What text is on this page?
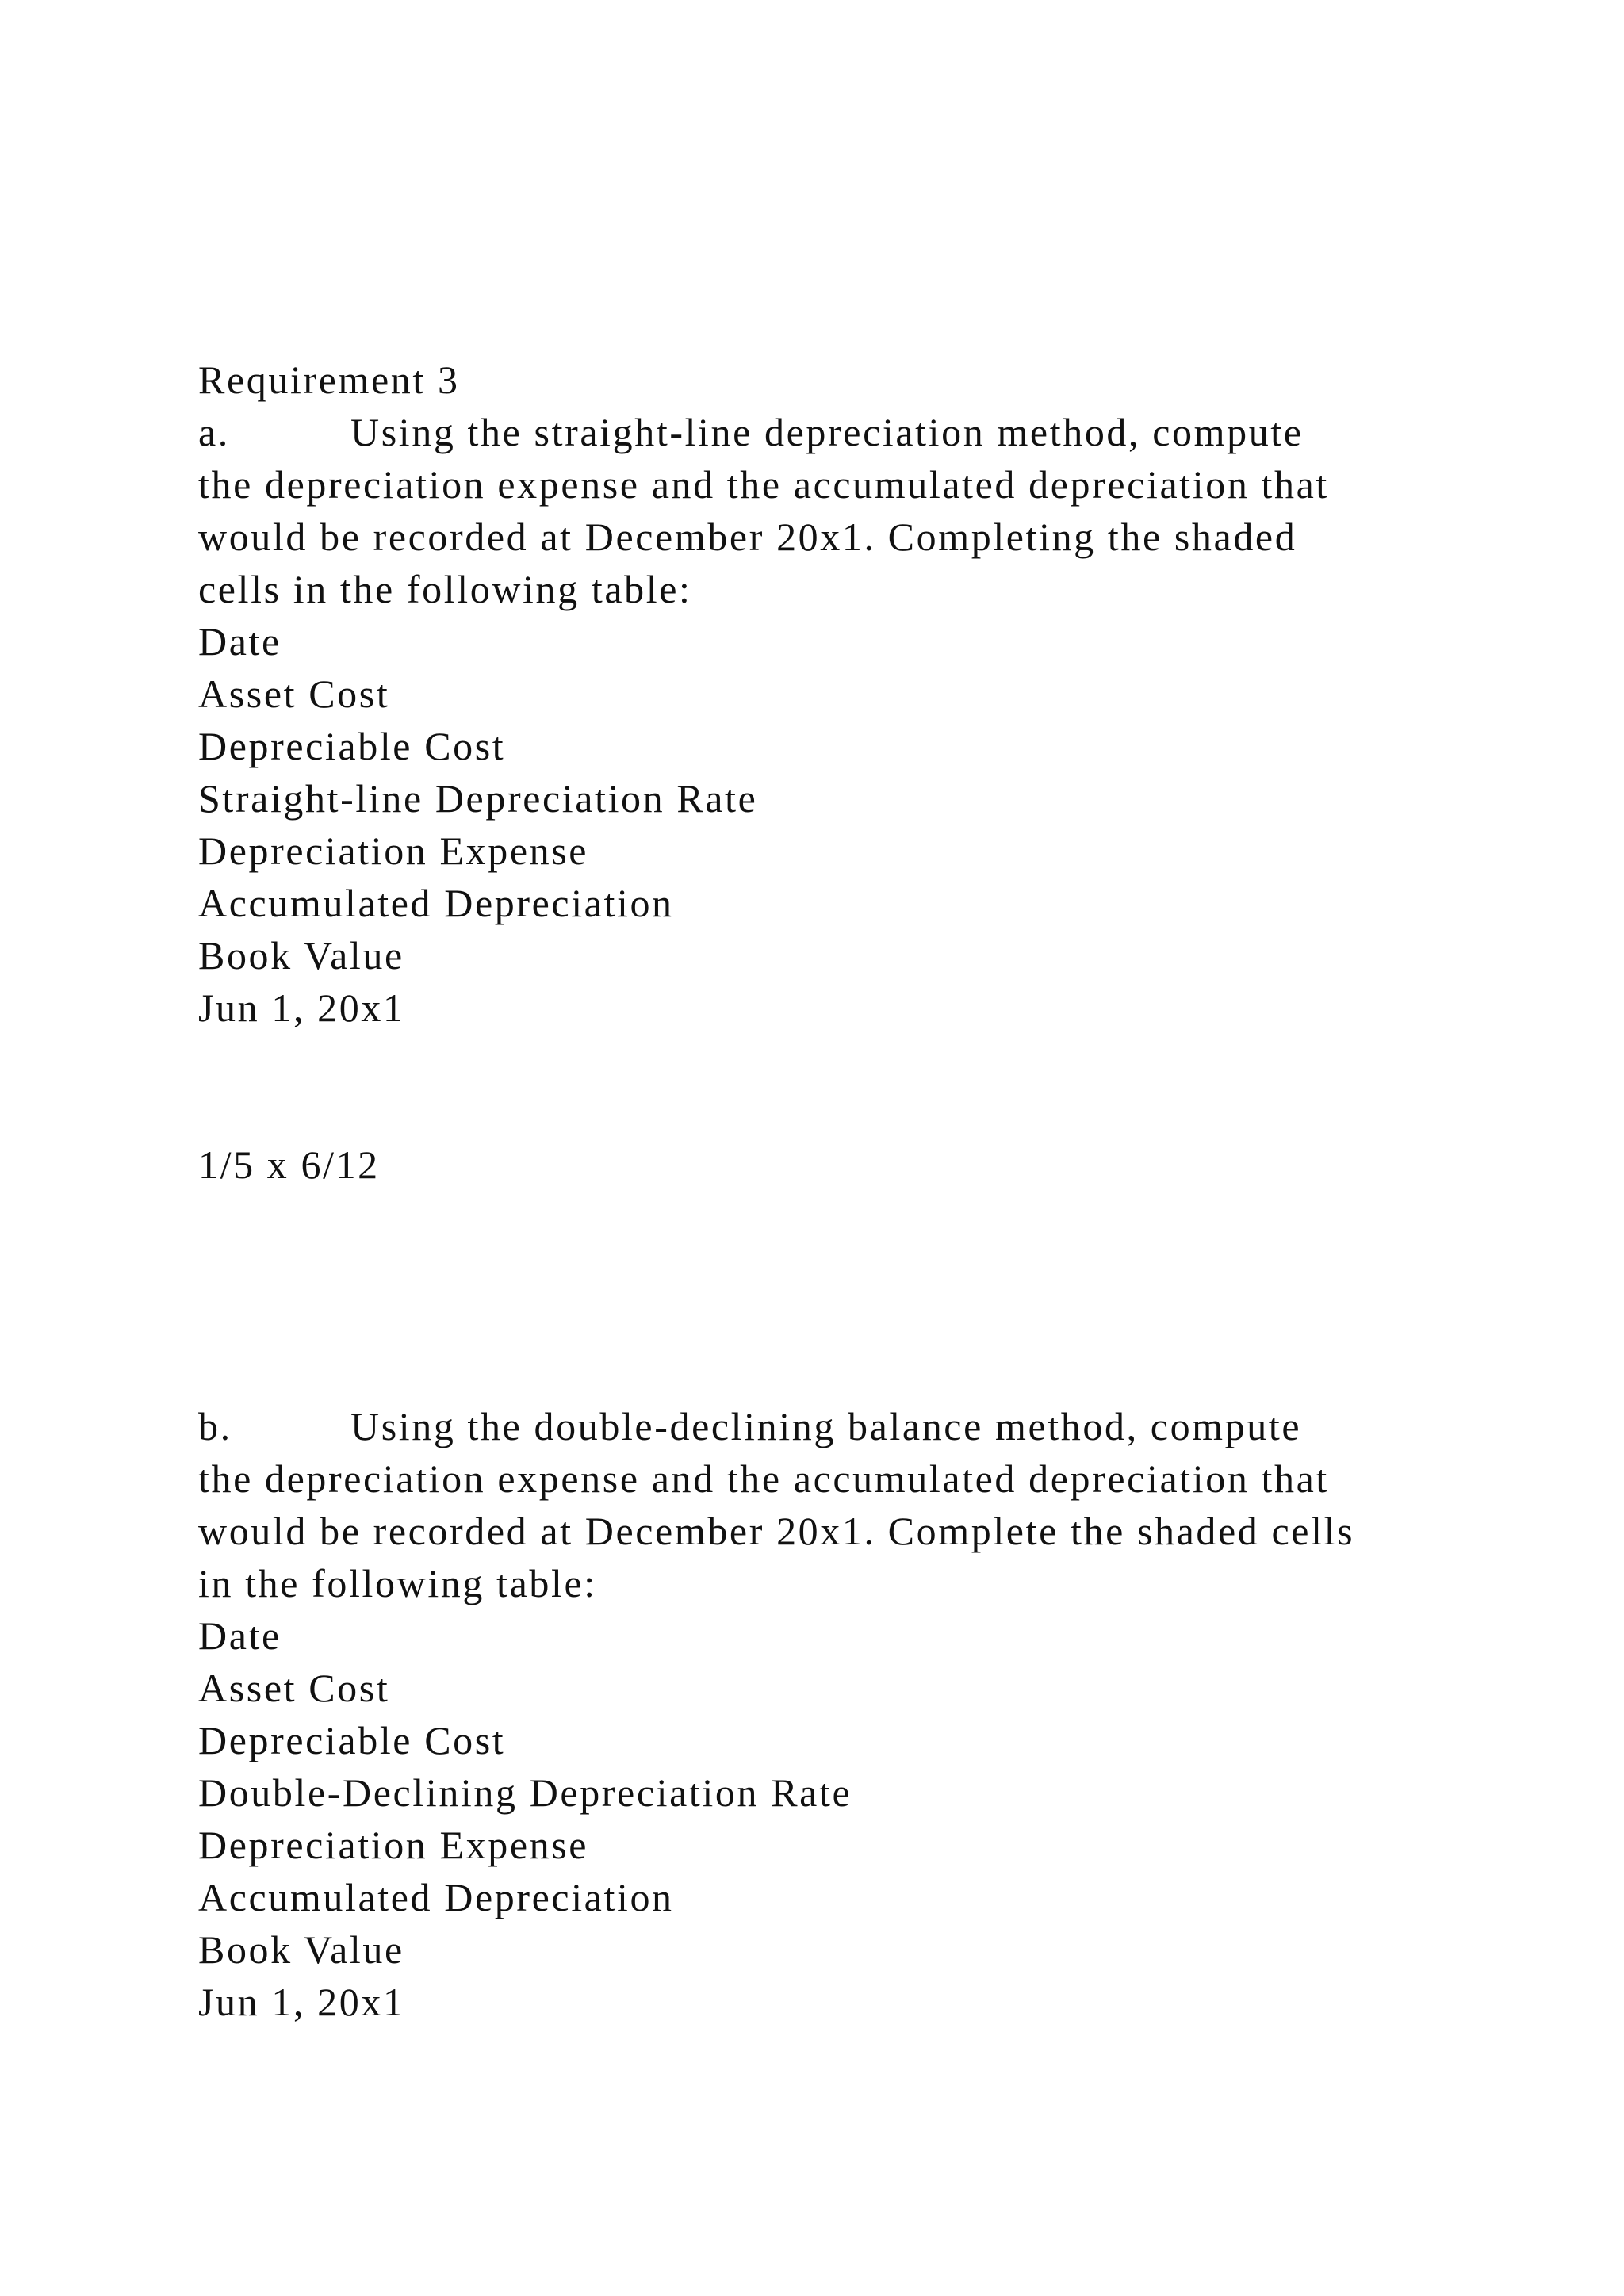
Requirement 3
a.	Using the straight-line depreciation method, compute
the depreciation expense and the accumulated depreciation that
would be recorded at December 20x1. Completing the shaded
cells in the following table:
Date
Asset Cost
Depreciable Cost
Straight-line Depreciation Rate
Depreciation Expense
Accumulated Depreciation
Book Value
Jun 1, 20x1
1/5 x 6/12
b.	Using the double-declining balance method, compute
the depreciation expense and the accumulated depreciation that
would be recorded at December 20x1. Complete the shaded cells
in the following table:
Date
Asset Cost
Depreciable Cost
Double-Declining Depreciation Rate
Depreciation Expense
Accumulated Depreciation
Book Value
Jun 1, 20x1
